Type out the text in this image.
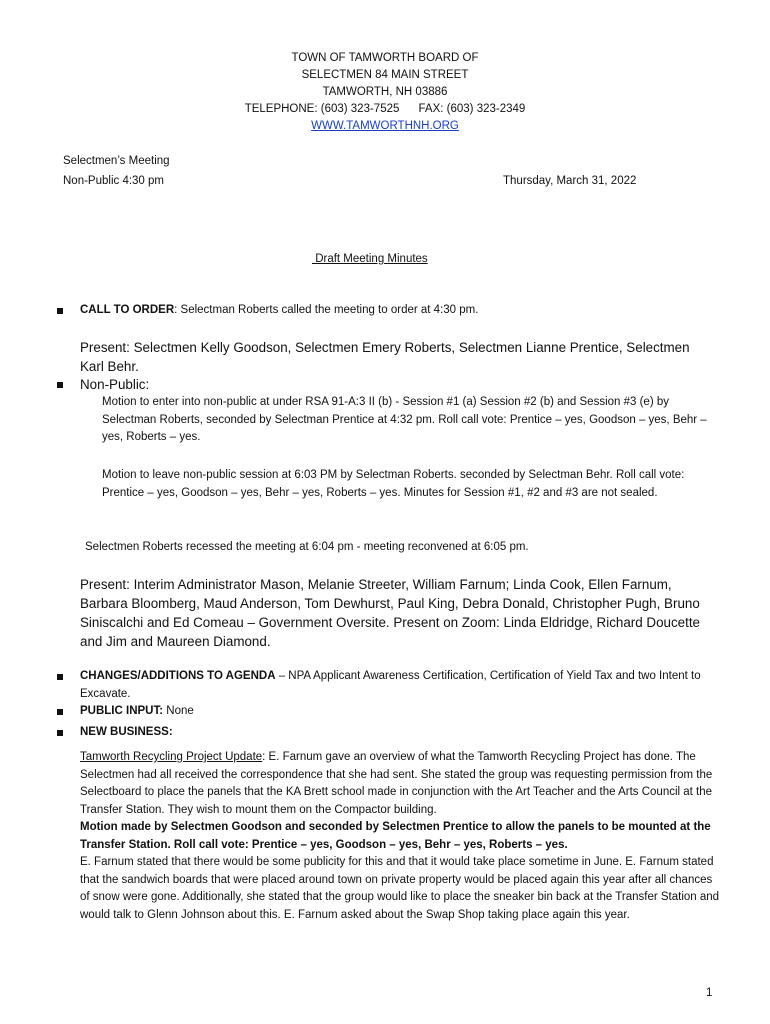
TOWN OF TAMWORTH BOARD OF
SELECTMEN 84 MAIN STREET
TAMWORTH, NH 03886
TELEPHONE: (603) 323-7525      FAX: (603) 323-2349
WWW.TAMWORTHNH.ORG
Selectmen’s Meeting
Non-Public 4:30 pm	Thursday, March 31, 2022
Draft Meeting Minutes
CALL TO ORDER: Selectman Roberts called the meeting to order at 4:30 pm.
Present: Selectmen Kelly Goodson, Selectmen Emery Roberts, Selectmen Lianne Prentice, Selectmen Karl Behr.
Non-Public:
Motion to enter into non-public at under RSA 91-A:3 II (b) - Session #1 (a) Session #2 (b) and Session #3 (e) by Selectman Roberts, seconded by Selectman Prentice at 4:32 pm. Roll call vote: Prentice – yes, Goodson – yes, Behr – yes, Roberts – yes.
Motion to leave non-public session at 6:03 PM by Selectman Roberts. seconded by Selectman Behr. Roll call vote: Prentice – yes, Goodson – yes, Behr – yes, Roberts – yes. Minutes for Session #1, #2 and #3 are not sealed.
Selectmen Roberts recessed the meeting at 6:04 pm - meeting reconvened at 6:05 pm.
Present: Interim Administrator Mason, Melanie Streeter, William Farnum; Linda Cook, Ellen Farnum, Barbara Bloomberg, Maud Anderson, Tom Dewhurst, Paul King, Debra Donald, Christopher Pugh, Bruno Siniscalchi and Ed Comeau – Government Oversite. Present on Zoom: Linda Eldridge, Richard Doucette and Jim and Maureen Diamond.
CHANGES/ADDITIONS TO AGENDA – NPA Applicant Awareness Certification, Certification of Yield Tax and two Intent to Excavate.
PUBLIC INPUT: None
NEW BUSINESS:
Tamworth Recycling Project Update: E. Farnum gave an overview of what the Tamworth Recycling Project has done. The Selectmen had all received the correspondence that she had sent. She stated the group was requesting permission from the Selectboard to place the panels that the KA Brett school made in conjunction with the Art Teacher and the Arts Council at the Transfer Station. They wish to mount them on the Compactor building.
Motion made by Selectmen Goodson and seconded by Selectmen Prentice to allow the panels to be mounted at the Transfer Station. Roll call vote: Prentice – yes, Goodson – yes, Behr – yes, Roberts – yes.
E. Farnum stated that there would be some publicity for this and that it would take place sometime in June. E. Farnum stated that the sandwich boards that were placed around town on private property would be placed again this year after all chances of snow were gone. Additionally, she stated that the group would like to place the sneaker bin back at the Transfer Station and would talk to Glenn Johnson about this. E. Farnum asked about the Swap Shop taking place again this year.
1
